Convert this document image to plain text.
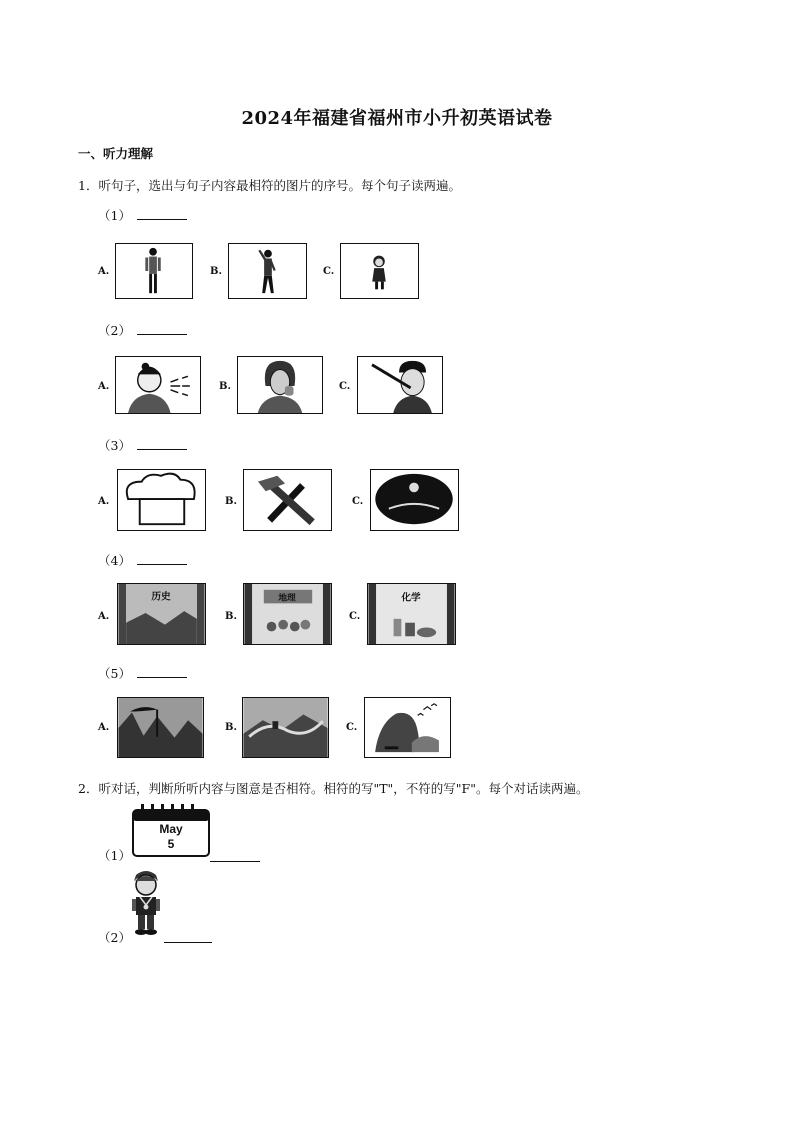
2024年福建省福州市小升初英语试卷
一、听力理解
1．听句子，选出与句子内容最相符的图片的序号。每个句子读两遍。
（1）
A.	B.	C.
（2）
A.	B.	C.
（3）
A.	B.	C.
（4）
A.
历史
B.
地理
C.
化学
（5）
A.	B.	C.
2．听对话，判断所听内容与图意是否相符。相符的写"T"，不符的写"F"。每个对话读两遍。
（1）
May
5
（2）
